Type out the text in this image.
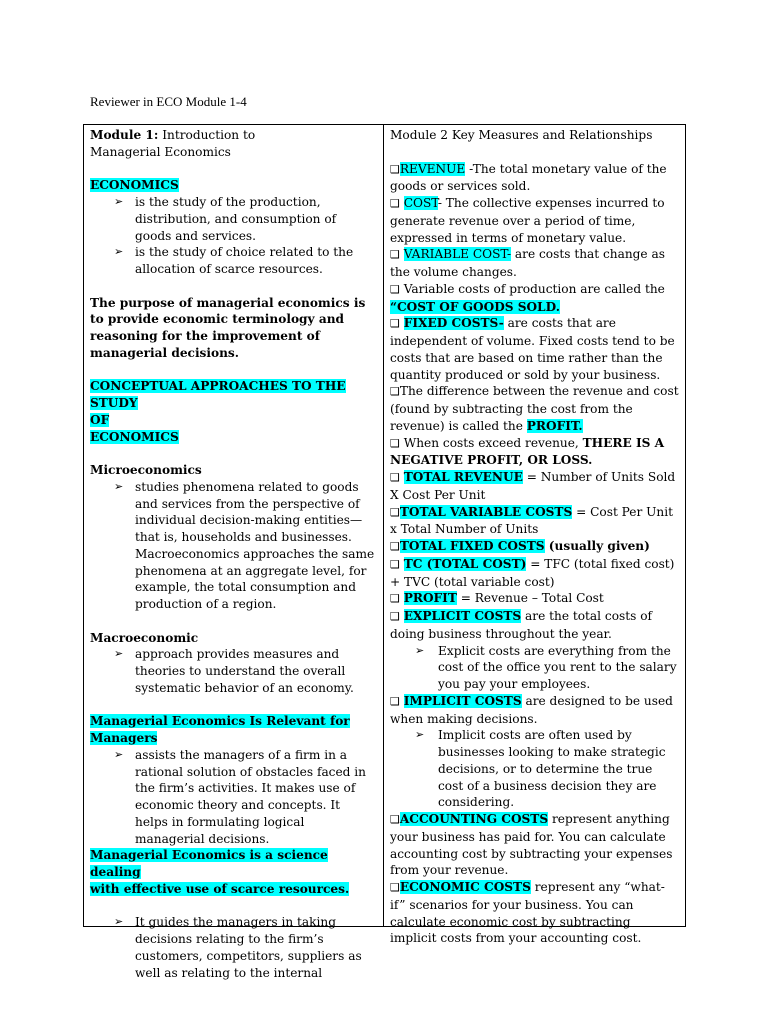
Reviewer in ECO Module 1-4

Module 1: Introduction to
Managerial Economics

ECONOMICS

➢ is the study of the production, distribution, and consumption of goods and services.
➢ is the study of choice related to the allocation of scarce resources.

The purpose of managerial economics is to provide economic terminology and reasoning for the improvement of managerial decisions.

CONCEPTUAL APPROACHES TO THE STUDY
OF
ECONOMICS

Microeconomics

➢ studies phenomena related to goods and services from the perspective of individual decision-making entities—that is, households and businesses. Macroeconomics approaches the same phenomena at an aggregate level, for example, the total consumption and production of a region.

Macroeconomic

➢ approach provides measures and theories to understand the overall systematic behavior of an economy.

Managerial Economics Is Relevant for
Managers

➢ assists the managers of a firm in a rational solution of obstacles faced in the firm’s activities. It makes use of economic theory and concepts. It helps in formulating logical managerial decisions.

Managerial Economics is a science dealing
with effective use of scarce resources.

➢ It guides the managers in taking decisions relating to the firm’s customers, competitors, suppliers as well as relating to the internal

Module 2 Key Measures and Relationships

❑REVENUE -The total monetary value of the goods or services sold.

❑ COST- The collective expenses incurred to generate revenue over a period of time, expressed in terms of monetary value.

❑ VARIABLE COST- are costs that change as the volume changes.

❑ Variable costs of production are called the
“COST OF GOODS SOLD.

❑ FIXED COSTS- are costs that are independent of volume. Fixed costs tend to be costs that are based on time rather than the quantity produced or sold by your business.

❑The difference between the revenue and cost (found by subtracting the cost from the revenue) is called the PROFIT.

❑ When costs exceed revenue, THERE IS A NEGATIVE PROFIT, OR LOSS.

❑ TOTAL REVENUE = Number of Units Sold X Cost Per Unit

❑TOTAL VARIABLE COSTS = Cost Per Unit x Total Number of Units

❑TOTAL FIXED COSTS (usually given)

❑ TC (TOTAL COST) = TFC (total fixed cost) + TVC (total variable cost)

❑ PROFIT = Revenue – Total Cost

❑ EXPLICIT COSTS are the total costs of doing business throughout the year.

➢ Explicit costs are everything from the cost of the office you rent to the salary you pay your employees.

❑ IMPLICIT COSTS are designed to be used when making decisions.

➢ Implicit costs are often used by businesses looking to make strategic decisions, or to determine the true cost of a business decision they are considering.

❑ACCOUNTING COSTS represent anything your business has paid for. You can calculate accounting cost by subtracting your expenses from your revenue.

❑ECONOMIC COSTS represent any “what-if” scenarios for your business. You can calculate economic cost by subtracting implicit costs from your accounting cost.
